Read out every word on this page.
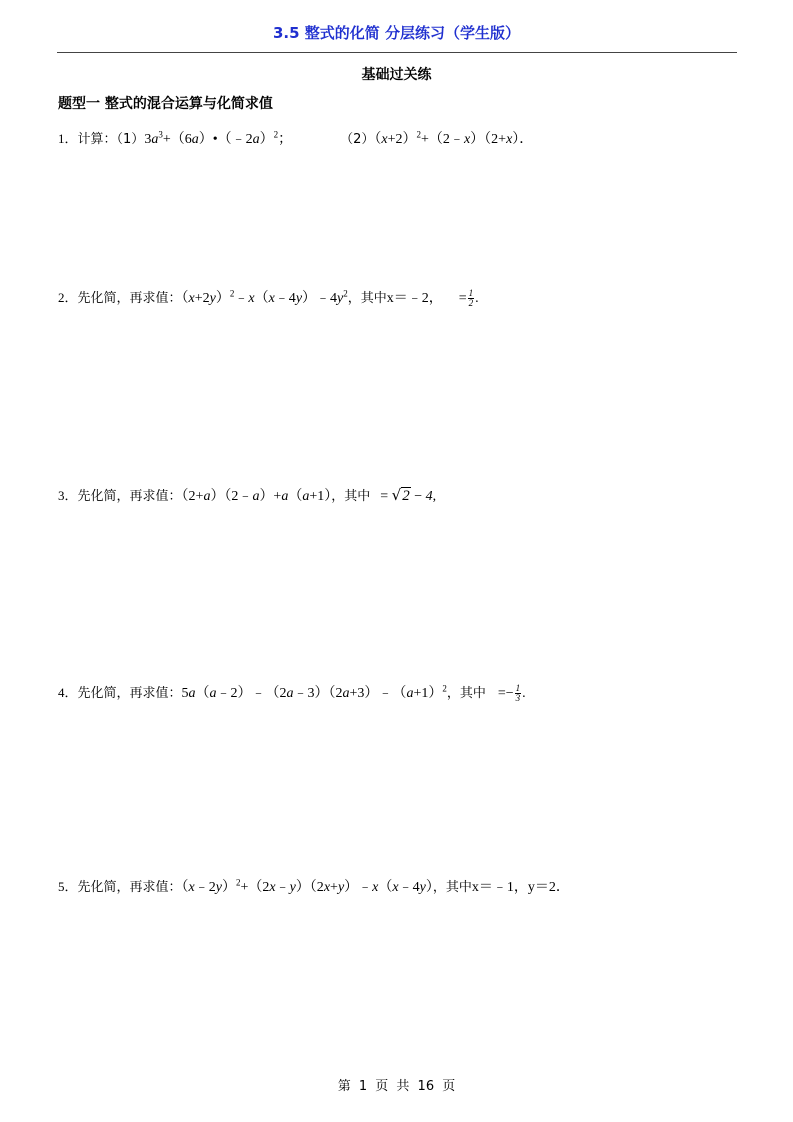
3.5 整式的化简 分层练习（学生版）
基础过关练
题型一 整式的混合运算与化简求值
1．计算：$(1)3a^3+(6a)•(﹣2a)^2$；	$(2)(x+2)^2+(2﹣x)(2+x)$．
2．先化简，再求值：$(x+2y)^2﹣x(x﹣4y)﹣4y^2$，其中x＝﹣2， = $\frac{1}{2}$ .
3．先化简，再求值：（2+a）（2﹣a）+a（a+1），其中 = √2 − 4,
4．先化简，再求值：$5a(a﹣2)﹣(2a﹣3)(2a+3)﹣(a+1)^2$，其中 =− $\frac{1}{3}$ .
5．先化简，再求值：（x﹣2y）$^2$+（2x﹣y）（2x+y）﹣x（x﹣4y），其中x＝﹣1，y＝2．
第 1 页 共 16 页
